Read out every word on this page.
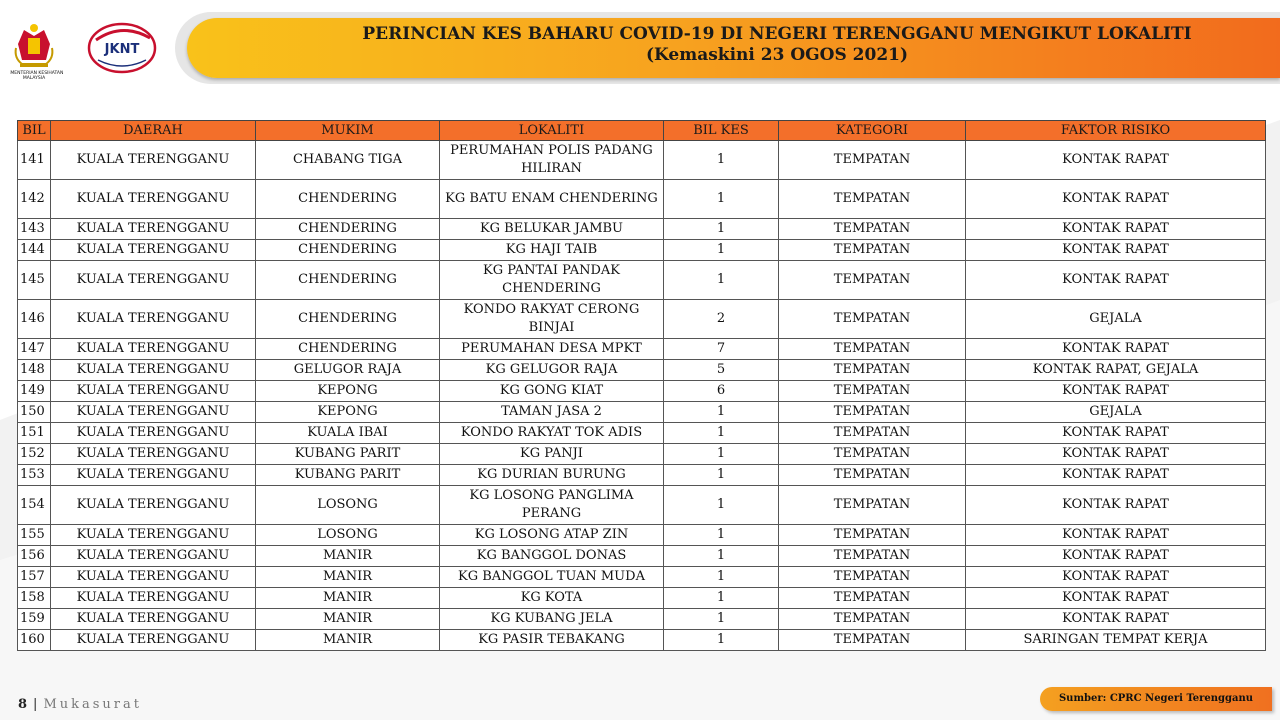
KEMENTERIAN KESIHATAN
MALAYSIA
JKNT
PERINCIAN KES BAHARU COVID-19 DI NEGERI TERENGGANU MENGIKUT LOKALITI
(Kemaskini 23 OGOS 2021)
BIL	DAERAH	MUKIM	LOKALITI	BIL KES	KATEGORI	FAKTOR RISIKO
141	KUALA TERENGGANU	CHABANG TIGA	PERUMAHAN POLIS PADANG HILIRAN	1	TEMPATAN	KONTAK RAPAT
142	KUALA TERENGGANU	CHENDERING	KG BATU ENAM CHENDERING	1	TEMPATAN	KONTAK RAPAT
143	KUALA TERENGGANU	CHENDERING	KG BELUKAR JAMBU	1	TEMPATAN	KONTAK RAPAT
144	KUALA TERENGGANU	CHENDERING	KG HAJI TAIB	1	TEMPATAN	KONTAK RAPAT
145	KUALA TERENGGANU	CHENDERING	KG PANTAI PANDAK CHENDERING	1	TEMPATAN	KONTAK RAPAT
146	KUALA TERENGGANU	CHENDERING	KONDO RAKYAT CERONG BINJAI	2	TEMPATAN	GEJALA
147	KUALA TERENGGANU	CHENDERING	PERUMAHAN DESA MPKT	7	TEMPATAN	KONTAK RAPAT
148	KUALA TERENGGANU	GELUGOR RAJA	KG GELUGOR RAJA	5	TEMPATAN	KONTAK RAPAT, GEJALA
149	KUALA TERENGGANU	KEPONG	KG GONG KIAT	6	TEMPATAN	KONTAK RAPAT
150	KUALA TERENGGANU	KEPONG	TAMAN JASA 2	1	TEMPATAN	GEJALA
151	KUALA TERENGGANU	KUALA IBAI	KONDO RAKYAT TOK ADIS	1	TEMPATAN	KONTAK RAPAT
152	KUALA TERENGGANU	KUBANG PARIT	KG PANJI	1	TEMPATAN	KONTAK RAPAT
153	KUALA TERENGGANU	KUBANG PARIT	KG DURIAN BURUNG	1	TEMPATAN	KONTAK RAPAT
154	KUALA TERENGGANU	LOSONG	KG LOSONG PANGLIMA PERANG	1	TEMPATAN	KONTAK RAPAT
155	KUALA TERENGGANU	LOSONG	KG LOSONG ATAP ZIN	1	TEMPATAN	KONTAK RAPAT
156	KUALA TERENGGANU	MANIR	KG BANGGOL DONAS	1	TEMPATAN	KONTAK RAPAT
157	KUALA TERENGGANU	MANIR	KG BANGGOL TUAN MUDA	1	TEMPATAN	KONTAK RAPAT
158	KUALA TERENGGANU	MANIR	KG KOTA	1	TEMPATAN	KONTAK RAPAT
159	KUALA TERENGGANU	MANIR	KG KUBANG JELA	1	TEMPATAN	KONTAK RAPAT
160	KUALA TERENGGANU	MANIR	KG PASIR TEBAKANG	1	TEMPATAN	SARINGAN TEMPAT KERJA
8 | Mukasurat	Sumber: CPRC Negeri Terengganu
